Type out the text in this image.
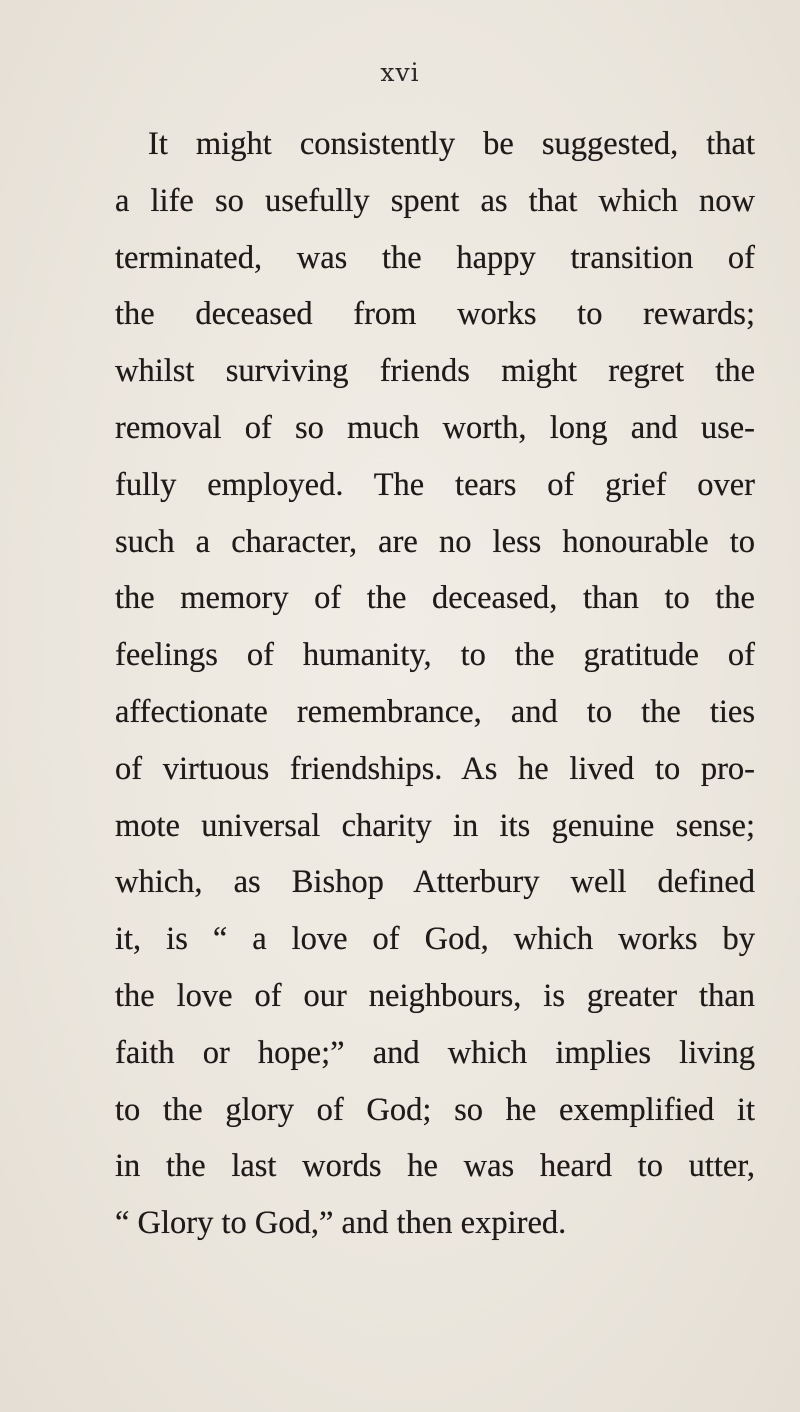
xvi
It might consistently be suggested, that
a life so usefully spent as that which now
terminated, was the happy transition of
the deceased from works to rewards;
whilst surviving friends might regret the
removal of so much worth, long and use-
fully employed. The tears of grief over
such a character, are no less honourable to
the memory of the deceased, than to the
feelings of humanity, to the gratitude of
affectionate remembrance, and to the ties
of virtuous friendships. As he lived to pro-
mote universal charity in its genuine sense;
which, as Bishop Atterbury well defined
it, is “ a love of God, which works by
the love of our neighbours, is greater than
faith or hope;” and which implies living
to the glory of God; so he exemplified it
in the last words he was heard to utter,
“ Glory to God,” and then expired.
